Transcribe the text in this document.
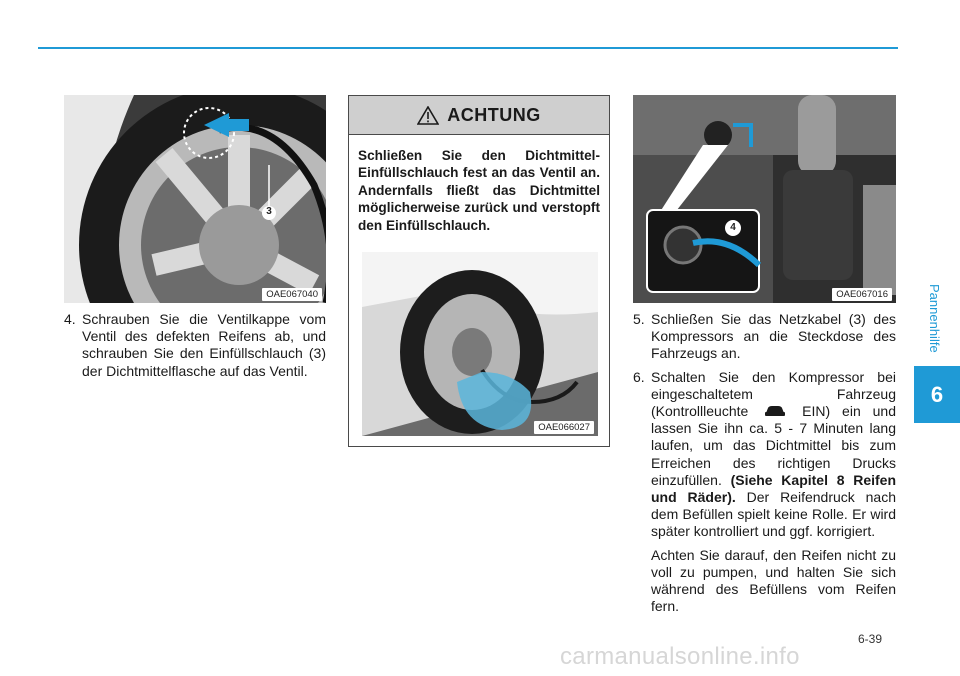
Pannenhilfe
6
3
OAE067040
4. Schrauben Sie die Ventilkappe vom Ventil des defekten Reifens ab, und schrauben Sie den Einfüllschlauch (3) der Dichtmittelflasche auf das Ventil.
ACHTUNG
Schließen Sie den Dichtmittel-Einfüllschlauch fest an das Ventil an. Andernfalls fließt das Dichtmittel möglicherweise zurück und verstopft den Einfüllschlauch.
OAE066027
4
OAE067016
5. Schließen Sie das Netzkabel (3) des Kompressors an die Steckdose des Fahrzeugs an.
6. Schalten Sie den Kompressor bei eingeschaltetem Fahrzeug (Kontrollleuchte	EIN) ein und lassen Sie ihn ca. 5 - 7 Minuten lang laufen, um das Dichtmittel bis zum Erreichen des richtigen Drucks einzufüllen. (Siehe Kapitel 8 Reifen und Räder). Der Reifendruck nach dem Befüllen spielt keine Rolle. Er wird später kontrolliert und ggf. korrigiert.

Achten Sie darauf, den Reifen nicht zu voll zu pumpen, und halten Sie sich während des Befüllens vom Reifen fern.

6-39
carmanualsonline.info
